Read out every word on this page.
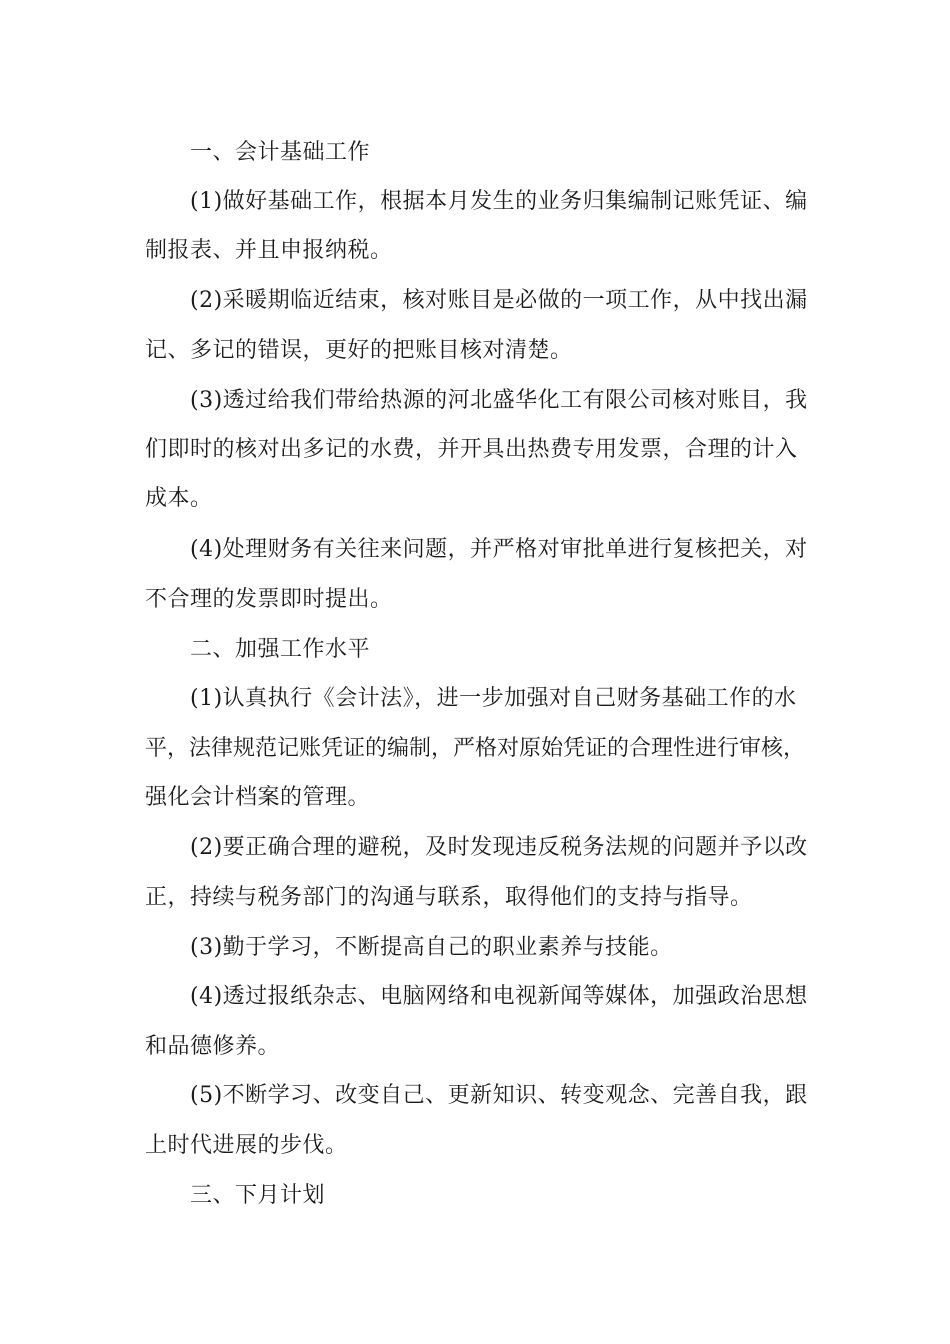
一、会计基础工作

(1)做好基础工作，根据本月发生的业务归集编制记账凭证、编

制报表、并且申报纳税。

(2)采暖期临近结束，核对账目是必做的一项工作，从中找出漏

记、多记的错误，更好的把账目核对清楚。

(3)透过给我们带给热源的河北盛华化工有限公司核对账目，我

们即时的核对出多记的水费，并开具出热费专用发票，合理的计入

成本。

(4)处理财务有关往来问题，并严格对审批单进行复核把关，对

不合理的发票即时提出。

二、加强工作水平

(1)认真执行《会计法》，进一步加强对自己财务基础工作的水

平，法律规范记账凭证的编制，严格对原始凭证的合理性进行审核，

强化会计档案的管理。

(2)要正确合理的避税，及时发现违反税务法规的问题并予以改

正，持续与税务部门的沟通与联系，取得他们的支持与指导。

(3)勤于学习，不断提高自己的职业素养与技能。

(4)透过报纸杂志、电脑网络和电视新闻等媒体，加强政治思想

和品德修养。

(5)不断学习、改变自己、更新知识、转变观念、完善自我，跟

上时代进展的步伐。

三、下月计划
